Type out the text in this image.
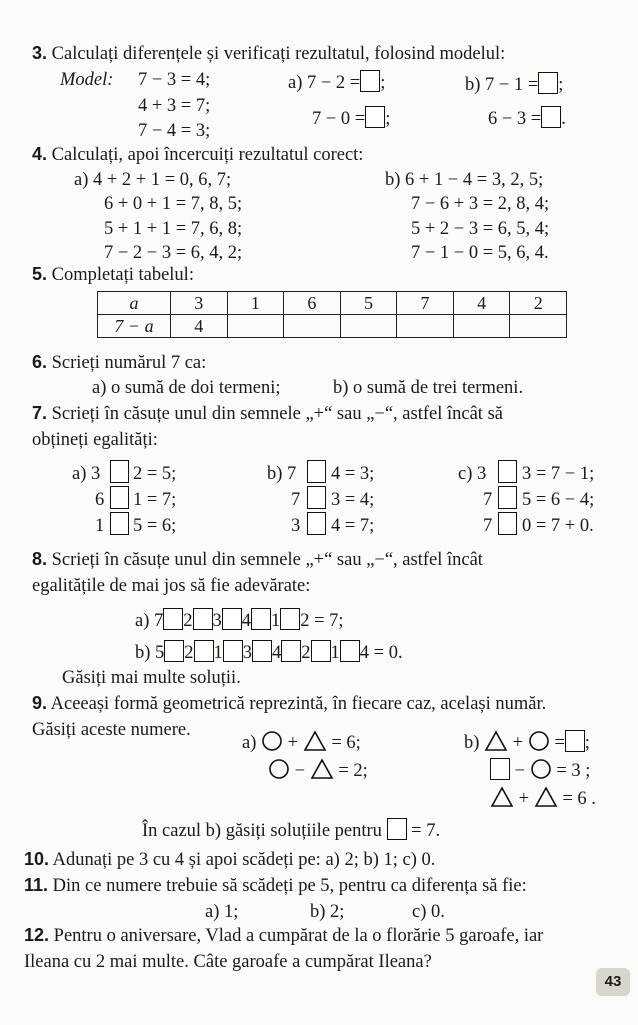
3. Calculați diferențele și verificați rezultatul, folosind modelul:
Model: 7 − 3 = 4;
4 + 3 = 7;
7 − 4 = 3;
a) 7 − 2 = ;
7 − 0 = ;
b) 7 − 1 = ;
6 − 3 = .
4. Calculați, apoi încercuiți rezultatul corect:
a) 4 + 2 + 1 = 0, 6, 7;
6 + 0 + 1 = 7, 8, 5;
5 + 1 + 1 = 7, 6, 8;
7 − 2 − 3 = 6, 4, 2;
b) 6 + 1 − 4 = 3, 2, 5;
7 − 6 + 3 = 2, 8, 4;
5 + 2 − 3 = 6, 5, 4;
7 − 1 − 0 = 5, 6, 4.
5. Completați tabelul:
a	3	1	6	5	7	4	2
7 − a	4						
6. Scrieți numărul 7 ca:
a) o sumă de doi termeni;	b) o sumă de trei termeni.
7. Scrieți în căsuțe unul din semnele „+“ sau „−“, astfel încât să
obțineți egalități:
a) 3 2 = 5;
6 1 = 7;
1 5 = 6;
b) 7 4 = 3;
7 3 = 4;
3 4 = 7;
c) 3 3 = 7 − 1;
7 5 = 6 − 4;
7 0 = 7 + 0.
8. Scrieți în căsuțe unul din semnele „+“ sau „−“, astfel încât
egalitățile de mai jos să fie adevărate:
a) 7 2 3 4 1 2 = 7;
b) 5 2 1 3 4 2 1 4 = 0.
Găsiți mai multe soluții.
9. Aceeași formă geometrică reprezintă, în fiecare caz, același număr.
Găsiți aceste numere.
a)  +  = 6;
−  = 2;
b)  +  = ;
−  = 3 ;
+  = 6 .
În cazul b) găsiți soluțiile pentru = 7.
10. Adunați pe 3 cu 4 și apoi scădeți pe: a) 2; b) 1; c) 0.
11. Din ce numere trebuie să scădeți pe 5, pentru ca diferența să fie:
a) 1;	b) 2;	c) 0.
12. Pentru o aniversare, Vlad a cumpărat de la o florărie 5 garoafe, iar
Ileana cu 2 mai multe. Câte garoafe a cumpărat Ileana?
43
